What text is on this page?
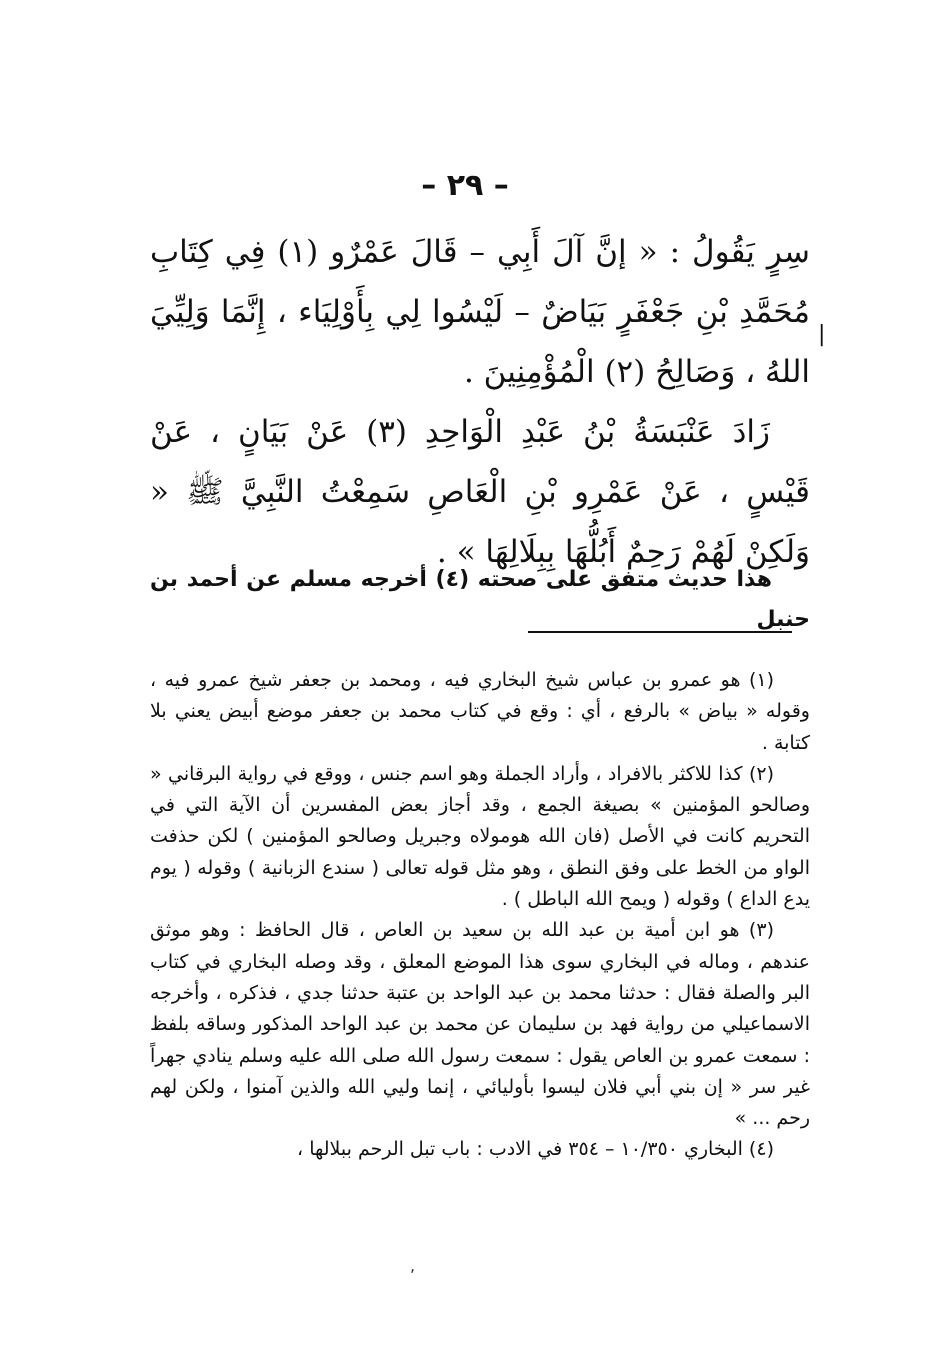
– ٢٩ –
|

سِرٍ يَقُولُ : « إنَّ آلَ أَبِي – قَالَ عَمْرٌو (١) فِي كِتَابِ مُحَمَّدِ بْنِ جَعْفَرٍ بَيَاضٌ – لَيْسُوا لِي بِأَوْلِيَاء ، إِنَّمَا وَلِيِّيَ اللهُ ، وَصَالِحُ (٢) الْمُؤْمِنِينَ .

زَادَ عَنْبَسَةُ بْنُ عَبْدِ الْوَاحِدِ (٣) عَنْ بَيَانٍ ، عَنْ قَيْسٍ ، عَنْ عَمْرِو بْنِ الْعَاصِ سَمِعْتُ النَّبِيَّ ﷺ « وَلَكِنْ لَهُمْ رَحِمٌ أَبُلُّهَا بِبِلَالِهَا » .

هذا حديث متفق على صحته (٤) أخرجه مسلم عن أحمد بن حنبل

(١) هو عمرو بن عباس شيخ البخاري فيه ، ومحمد بن جعفر شيخ عمرو فيه ، وقوله « بياض » بالرفع ، أي : وقع في كتاب محمد بن جعفر موضع أبيض يعني بلا كتابة .

(٢) كذا للاكثر بالافراد ، وأراد الجملة وهو اسم جنس ، ووقع في رواية البرقاني « وصالحو المؤمنين » بصيغة الجمع ، وقد أجاز بعض المفسرين أن الآية التي في التحريم كانت في الأصل (فان الله هومولاه وجبريل وصالحو المؤمنين ) لكن حذفت الواو من الخط على وفق النطق ، وهو مثل قوله تعالى ( سندع الزبانية ) وقوله ( يوم يدع الداع ) وقوله ( ويمح الله الباطل ) .

(٣) هو ابن أمية بن عبد الله بن سعيد بن العاص ، قال الحافظ : وهو موثق عندهم ، وماله في البخاري سوى هذا الموضع المعلق ، وقد وصله البخاري في كتاب البر والصلة فقال : حدثنا محمد بن عبد الواحد بن عتبة حدثنا جدي ، فذكره ، وأخرجه الاسماعيلي من رواية فهد بن سليمان عن محمد بن عبد الواحد المذكور وساقه بلفظ : سمعت عمرو بن العاص يقول : سمعت رسول الله صلى الله عليه وسلم ينادي جهراً غير سر « إن بني أبي فلان ليسوا بأوليائي ، إنما وليي الله والذين آمنوا ، ولكن لهم رحم ... »

(٤) البخاري ١٠/٣٥٠ – ٣٥٤ في الادب : باب تبل الرحم ببلالها ،

,
